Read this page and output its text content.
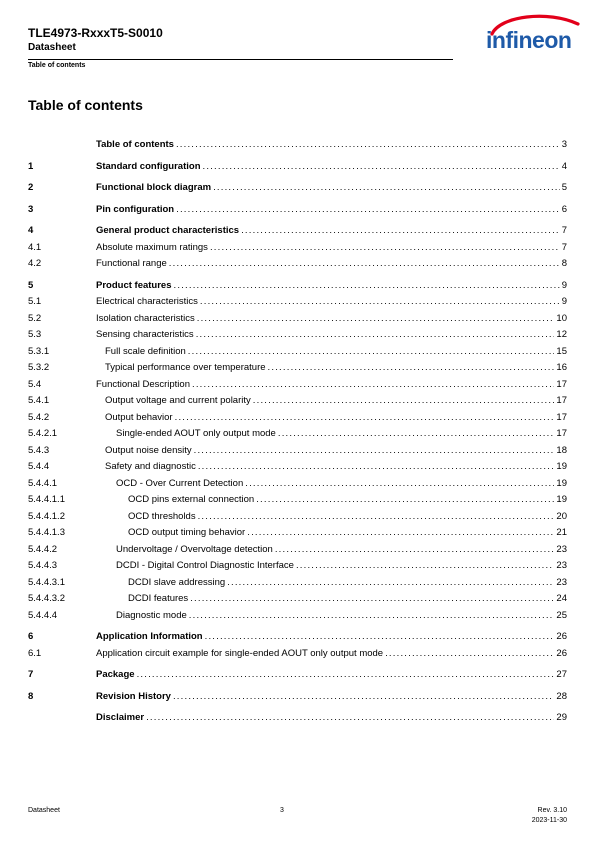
TLE4973-RxxxT5-S0010
Datasheet
Table of contents
infineon
Table of contents
Table of contents .....	3
1	Standard configuration .....	4
2	Functional block diagram .....	5
3	Pin configuration .....	6
4	General product characteristics .....	7
4.1	Absolute maximum ratings .....	7
4.2	Functional range .....	8
5	Product features .....	9
5.1	Electrical characteristics .....	9
5.2	Isolation characteristics .....	10
5.3	Sensing characteristics .....	12
5.3.1	Full scale definition .....	15
5.3.2	Typical performance over temperature .....	16
5.4	Functional Description .....	17
5.4.1	Output voltage and current polarity .....	17
5.4.2	Output behavior .....	17
5.4.2.1	Single-ended AOUT only output mode .....	17
5.4.3	Output noise density .....	18
5.4.4	Safety and diagnostic .....	19
5.4.4.1	OCD - Over Current Detection .....	19
5.4.4.1.1	OCD pins external connection .....	19
5.4.4.1.2	OCD thresholds .....	20
5.4.4.1.3	OCD output timing behavior .....	21
5.4.4.2	Undervoltage / Overvoltage detection .....	23
5.4.4.3	DCDI - Digital Control Diagnostic Interface .....	23
5.4.4.3.1	DCDI slave addressing .....	23
5.4.4.3.2	DCDI features .....	24
5.4.4.4	Diagnostic mode .....	25
6	Application Information .....	26
6.1	Application circuit example for single-ended AOUT only output mode .....	26
7	Package .....	27
8	Revision History .....	28
Disclaimer .....	29
Datasheet	3	Rev. 3.10
2023-11-30
